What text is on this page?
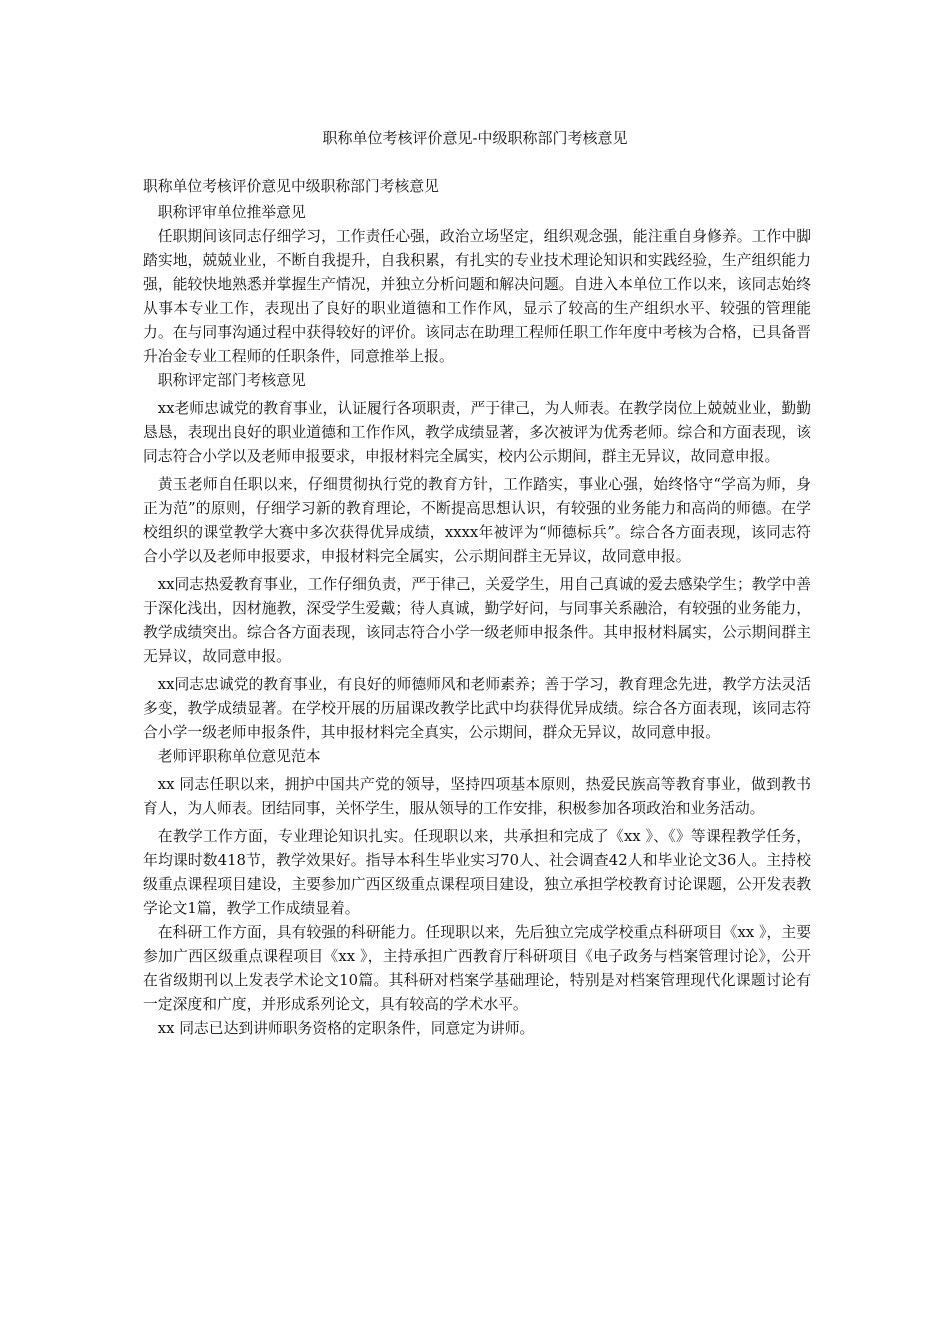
职称单位考核评价意见-中级职称部门考核意见

职称单位考核评价意见中级职称部门考核意见

职称评审单位推举意见

任职期间该同志仔细学习，工作责任心强，政治立场坚定，组织观念强，能注重自身修养。工作中脚踏实地，兢兢业业，不断自我提升，自我积累，有扎实的专业技术理论知识和实践经验，生产组织能力强，能较快地熟悉并掌握生产情况，并独立分析问题和解决问题。自进入本单位工作以来，该同志始终从事本专业工作，表现出了良好的职业道德和工作作风，显示了较高的生产组织水平、较强的管理能力。在与同事沟通过程中获得较好的评价。该同志在助理工程师任职工作年度中考核为合格，已具备晋升冶金专业工程师的任职条件，同意推举上报。

职称评定部门考核意见

xx老师忠诚党的教育事业，认证履行各项职责，严于律己，为人师表。在教学岗位上兢兢业业，勤勤恳恳，表现出良好的职业道德和工作作风，教学成绩显著，多次被评为优秀老师。综合和方面表现，该同志符合小学以及老师申报要求，申报材料完全属实，校内公示期间，群主无异议，故同意申报。

黄玉老师自任职以来，仔细贯彻执行党的教育方针，工作踏实，事业心强，始终恪守“学高为师，身正为范”的原则，仔细学习新的教育理论，不断提高思想认识，有较强的业务能力和高尚的师德。在学校组织的课堂教学大赛中多次获得优异成绩，xxxx年被评为“师德标兵”。综合各方面表现，该同志符合小学以及老师申报要求，申报材料完全属实，公示期间群主无异议，故同意申报。

xx同志热爱教育事业，工作仔细负责，严于律己，关爱学生，用自己真诚的爱去感染学生；教学中善于深化浅出，因材施教，深受学生爱戴；待人真诚，勤学好问，与同事关系融洽，有较强的业务能力，教学成绩突出。综合各方面表现，该同志符合小学一级老师申报条件。其申报材料属实，公示期间群主无异议，故同意申报。

xx同志忠诚党的教育事业，有良好的师德师风和老师素养；善于学习，教育理念先进，教学方法灵活多变，教学成绩显著。在学校开展的历届课改教学比武中均获得优异成绩。综合各方面表现，该同志符合小学一级老师申报条件，其申报材料完全真实，公示期间，群众无异议，故同意申报。

老师评职称单位意见范本

xx 同志任职以来，拥护中国共产党的领导，坚持四项基本原则，热爱民族高等教育事业，做到教书育人，为人师表。团结同事，关怀学生，服从领导的工作安排，积极参加各项政治和业务活动。

在教学工作方面，专业理论知识扎实。任现职以来，共承担和完成了《xx 》、《》等课程教学任务，年均课时数418节，教学效果好。指导本科生毕业实习70人、社会调查42人和毕业论文36人。主持校级重点课程项目建设，主要参加广西区级重点课程项目建设，独立承担学校教育讨论课题，公开发表教学论文1篇，教学工作成绩显着。

在科研工作方面，具有较强的科研能力。任现职以来，先后独立完成学校重点科研项目《xx 》，主要参加广西区级重点课程项目《xx 》，主持承担广西教育厅科研项目《电子政务与档案管理讨论》，公开在省级期刊以上发表学术论文10篇。其科研对档案学基础理论，特别是对档案管理现代化课题讨论有一定深度和广度，并形成系列论文，具有较高的学术水平。

xx 同志已达到讲师职务资格的定职条件，同意定为讲师。
